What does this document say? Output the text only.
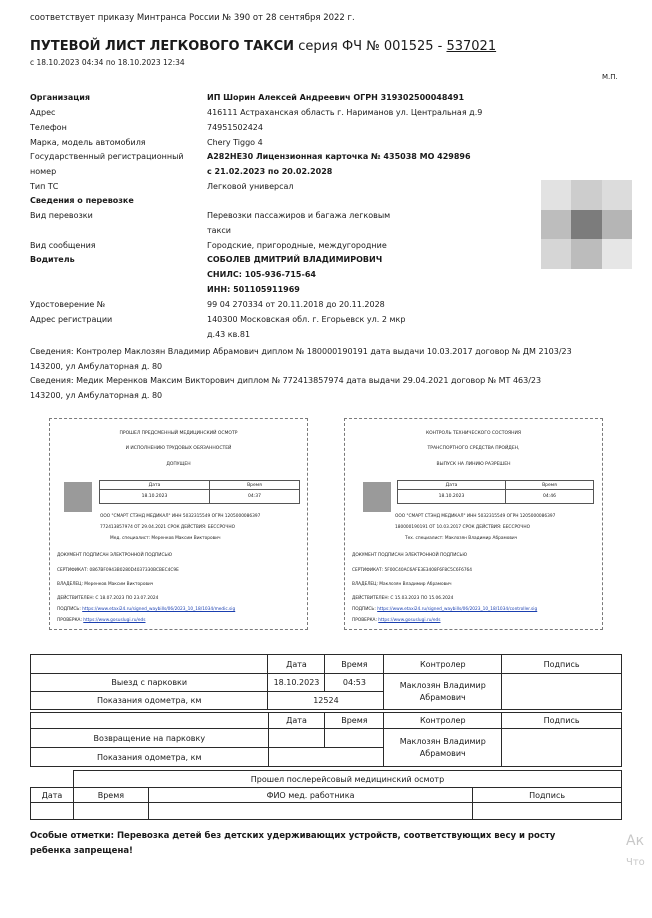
соответствует приказу Минтранса России № 390 от 28 сентября 2022 г.
ПУТЕВОЙ ЛИСТ ЛЕГКОВОГО ТАКСИ серия ФЧ № 001525 - 537021
с 18.10.2023 04:34 по 18.10.2023 12:34
М.П.
Организация	ИП Шорин Алексей Андреевич ОГРН 319302500048491
Адрес	416111 Астраханская область г. Нариманов ул. Центральная д.9
Телефон	74951502424
Марка, модель автомобиля	Chery Tiggo 4
Государственный регистрационный
номер
А282НЕ30 Лицензионная карточка № 435038 МО 429896
с 21.02.2023 по 20.02.2028
Тип ТС	Легковой универсал
Сведения о перевозке
Вид перевозки	Перевозки пассажиров и багажа легковым
такси
Вид сообщения	Городские, пригородные, междугородние
Водитель	СОБОЛЕВ ДМИТРИЙ ВЛАДИМИРОВИЧ
СНИЛС: 105-936-715-64
ИНН: 501105911969
Удостоверение №	99 04 270334 от 20.11.2018 до 20.11.2028
Адрес регистрации	140300 Московская обл. г. Егорьевск ул. 2 мкр
д.43 кв.81
Сведения: Контролер Маклозян Владимир Абрамович диплом № 180000190191 дата выдачи 10.03.2017 договор № ДМ 2103/23
143200, ул Амбулаторная д. 80
Сведения: Медик Меренков Максим Викторович диплом № 772413857974 дата выдачи 29.04.2021 договор № МТ 463/23
143200, ул Амбулаторная д. 80
ПРОШЕЛ ПРЕДСМЕННЫЙ МЕДИЦИНСКИЙ ОСМОТР
И ИСПОЛНЕНИЮ ТРУДОВЫХ ОБЯЗАННОСТЕЙ
ДОПУЩЕН
Дата	Время
18.10.2023	04:37
ООО "СМАРТ СТЭНД МЕДИКАЛ" ИНН 5032315549 ОГРН 1205000086397
772413857974 ОТ 29.04.2021 СРОК ДЕЙСТВИЯ: БЕССРОЧНО
Мед. специалист: Меренков Максим Викторович
ДОКУМЕНТ ПОДПИСАН ЭЛЕКТРОННОЙ ПОДПИСЬЮ
СЕРТИФИКАТ: 0867BF0943B0280D4037330BCBEC4C9E
ВЛАДЕЛЕЦ: Меренков Максим Викторович
ДЕЙСТВИТЕЛЕН: С 18.07.2023 ПО 23.07.2024
ПОДПИСЬ: https://www.etaxi24.ru/signed_waybills/06/2023_10_18/1034/medic.sig
ПРОВЕРКА: https://www.gosuslugi.ru/eds
КОНТРОЛЬ ТЕХНИЧЕСКОГО СОСТОЯНИЯ
ТРАНСПОРТНОГО СРЕДСТВА ПРОЙДЕН,
ВЫПУСК НА ЛИНИЮ РАЗРЕШЕН
Дата	Время
18.10.2023	04:46
ООО "СМАРТ СТЭНД МЕДИКАЛ" ИНН 5032315549 ОГРН 1205000086397
180000190191 ОТ 10.03.2017 СРОК ДЕЙСТВИЯ: БЕССРОЧНО
Тех. специалист: Маклозян Владимир Абрамович
ДОКУМЕНТ ПОДПИСАН ЭЛЕКТРОННОЙ ПОДПИСЬЮ
СЕРТИФИКАТ: 5F00C40AC6AFE3E3408F6F8C5C6F6764
ВЛАДЕЛЕЦ: Маклозян Владимир Абрамович
ДЕЙСТВИТЕЛЕН: С 15.03.2023 ПО 15.06.2024
ПОДПИСЬ: https://www.etaxi24.ru/signed_waybills/06/2023_10_18/1034/controller.sig
ПРОВЕРКА: https://www.gosuslugi.ru/eds
	Дата	Время	Контролер	Подпись
Выезд с парковки	18.10.2023	04:53	Маклозян Владимир
Абрамович	

Показания одометра, км	12524			
	Дата	Время	Контролер	Подпись
Возвращение на парковку			Маклозян Владимир
Абрамович	

Показания одометра, км				
	Прошел послерейсовый медицинский осмотр		
Дата	Время	ФИО мед. работника	Подпись

Особые отметки: Перевозка детей без детских удерживающих устройств, соответствующих весу и росту ребенка запрещена!
Ак
Что
